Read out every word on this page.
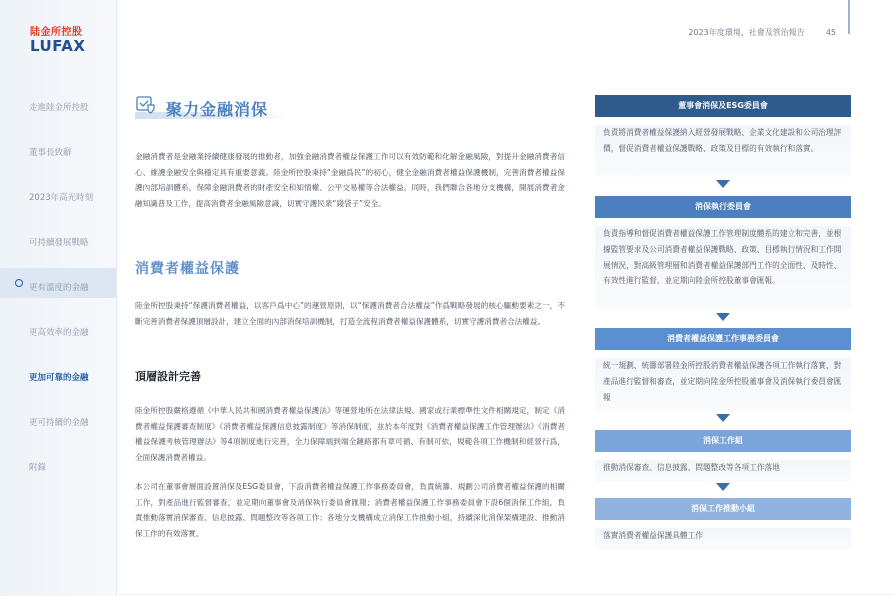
陆金所控股
LUFAX
走進陸金所控股
董事長致辭
2023年高光時刻
可持續發展戰略
更有溫度的金融
更高效率的金融
更加可靠的金融
更可持續的金融
附錄
2023年度環境、社會及管治報告	45
聚力金融消保
金融消費者是金融業持續健康發展的推動者，加強金融消費者權益保護工作可以有效防範和化解金融風險，對提升金融消費者信心、維護金融安全與穩定具有重要意義。陸金所控股秉持“金融爲民”的初心，健全金融消費者權益保護機制，完善消費者權益保護內部培訓體系，保障金融消費者的財產安全和知情權、公平交易權等合法權益。同時，我們聯合各地分支機構，開展消費者金融知識普及工作，提高消費者金融風險意識，切實守護民衆“錢袋子”安全。
消費者權益保護
陸金所控股秉持“保護消費者權益，以客戶爲中心”的運營原則，以“保護消費者合法權益”作爲戰略發展的核心驅動要素之一，不斷完善消費者保護頂層設計，建立全面的內部消保培訓機制，打造全流程消費者權益保護體系，切實守護消費者合法權益。
頂層設計完善
陸金所控股嚴格遵循《中華人民共和國消費者權益保護法》等運營地所在法律法規、國家或行業標準性文件相關規定，制定《消費者權益保護審查制度》《消費者權益保護信息披露制度》等消保制度，並於本年度對《消費者權益保護工作管理辦法》《消費者權益保護考核管理辦法》等4項制度進行完善，全力保障端到端全鏈路都有章可循、有制可依，規範各項工作機制和經營行爲，全面保護消費者權益。
本公司在董事會層面設置消保及ESG委員會，下設消費者權益保護工作事務委員會，負責統籌、規劃公司消費者權益保護的相關工作，對產品進行監督審查，並定期向董事會及消保執行委員會匯報；消費者權益保護工作事務委員會下設6個消保工作組，負責推動落實消保審查、信息披露、問題整改等各項工作；各地分支機構成立消保工作推動小組，持續深化消保架構建設、推動消保工作的有效落實。
董事會消保及ESG委員會
負責將消費者權益保護納入經營發展戰略、企業文化建設和公司治理評價，督促消費者權益保護戰略、政策及目標的有效執行和落實。
消保執行委員會
負責指導和督促消費者權益保護工作管理制度體系的建立和完善，並根據監管要求及公司消費者權益保護戰略、政策、目標執行情況和工作開展情況，對高級管理層和消費者權益保護部門工作的全面性、及時性、有效性進行監督，並定期向陸金所控股董事會匯報。
消費者權益保護工作事務委員會
統一規劃、統籌部署陸金所控股消費者權益保護各項工作執行落實，對產品進行監督和審查，並定期向陸金所控股董事會及消保執行委員會匯報
消保工作組
推動消保審查、信息披露、問題整改等各項工作落地
消保工作推動小組
落實消費者權益保護具體工作
